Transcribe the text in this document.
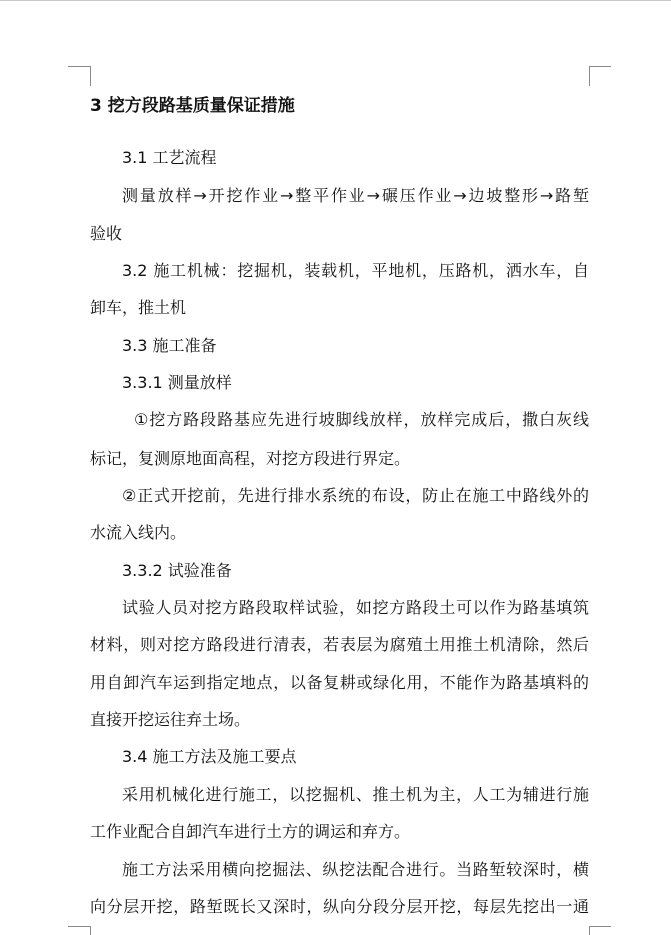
3 挖方段路基质量保证措施
3.1 工艺流程
测量放样→开挖作业→整平作业→碾压作业→边坡整形→路堑
验收
3.2 施工机械：挖掘机，装载机，平地机，压路机，洒水车，自
卸车，推土机
3.3 施工准备
3.3.1 测量放样
①挖方路段路基应先进行坡脚线放样，放样完成后，撒白灰线
标记，复测原地面高程，对挖方段进行界定。
②正式开挖前，先进行排水系统的布设，防止在施工中路线外的
水流入线内。
3.3.2 试验准备
试验人员对挖方路段取样试验，如挖方路段土可以作为路基填筑
材料，则对挖方路段进行清表，若表层为腐殖土用推土机清除，然后
用自卸汽车运到指定地点，以备复耕或绿化用，不能作为路基填料的
直接开挖运往弃土场。
3.4 施工方法及施工要点
采用机械化进行施工，以挖掘机、推土机为主，人工为辅进行施
工作业配合自卸汽车进行土方的调运和弃方。
施工方法采用横向挖掘法、纵挖法配合进行。当路堑较深时，横
向分层开挖，路堑既长又深时，纵向分段分层开挖，每层先挖出一通
